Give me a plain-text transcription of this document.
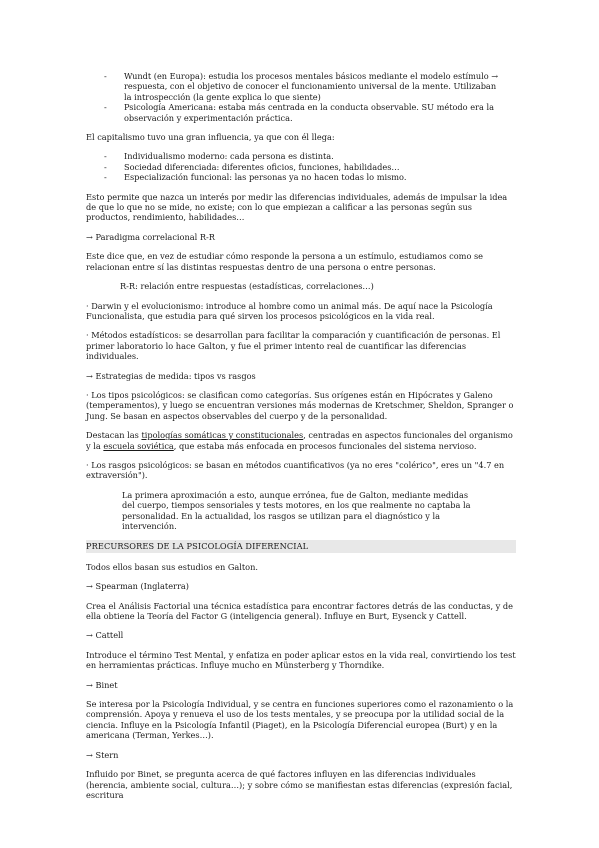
- Wundt (en Europa): estudia los procesos mentales básicos mediante el modelo estímulo → respuesta, con el objetivo de conocer el funcionamiento universal de la mente. Utilizaban la introspección (la gente explica lo que siente)
- Psicología Americana: estaba más centrada en la conducta observable. SU método era la observación y experimentación práctica.

El capitalismo tuvo una gran influencia, ya que con él llega:

- Individualismo moderno: cada persona es distinta.
- Sociedad diferenciada: diferentes oficios, funciones, habilidades…
- Especialización funcional: las personas ya no hacen todas lo mismo.

Esto permite que nazca un interés por medir las diferencias individuales, además de impulsar la idea de que lo que no se mide, no existe; con lo que empiezan a calificar a las personas según sus productos, rendimiento, habilidades…

→ Paradigma correlacional R-R

Este dice que, en vez de estudiar cómo responde la persona a un estímulo, estudiamos como se relacionan entre sí las distintas respuestas dentro de una persona o entre personas.

R-R: relación entre respuestas (estadísticas, correlaciones…)

· Darwin y el evolucionismo: introduce al hombre como un animal más. De aquí nace la Psicología Funcionalista, que estudia para qué sirven los procesos psicológicos en la vida real.

· Métodos estadísticos: se desarrollan para facilitar la comparación y cuantificación de personas. El primer laboratorio lo hace Galton, y fue el primer intento real de cuantificar las diferencias individuales.

→ Estrategias de medida: tipos vs rasgos

· Los tipos psicológicos: se clasifican como categorías. Sus orígenes están en Hipócrates y Galeno (temperamentos), y luego se encuentran versiones más modernas de Kretschmer, Sheldon, Spranger o Jung. Se basan en aspectos observables del cuerpo y de la personalidad.

Destacan las tipologías somáticas y constitucionales, centradas en aspectos funcionales del organismo y la escuela soviética, que estaba más enfocada en procesos funcionales del sistema nervioso.

· Los rasgos psicológicos: se basan en métodos cuantificativos (ya no eres "colérico", eres un "4.7 en extraversión").

La primera aproximación a esto, aunque errónea, fue de Galton, mediante medidas del cuerpo, tiempos sensoriales y tests motores, en los que realmente no captaba la personalidad. En la actualidad, los rasgos se utilizan para el diagnóstico y la intervención.

PRECURSORES DE LA PSICOLOGÍA DIFERENCIAL

Todos ellos basan sus estudios en Galton.

→ Spearman (Inglaterra)

Crea el Análisis Factorial una técnica estadística para encontrar factores detrás de las conductas, y de ella obtiene la Teoría del Factor G (inteligencia general). Influye en Burt, Eysenck y Cattell.

→ Cattell

Introduce el término Test Mental, y enfatiza en poder aplicar estos en la vida real, convirtiendo los test en herramientas prácticas. Influye mucho en Münsterberg y Thorndike.

→ Binet

Se interesa por la Psicología Individual, y se centra en funciones superiores como el razonamiento o la comprensión. Apoya y renueva el uso de los tests mentales, y se preocupa por la utilidad social de la ciencia. Influye en la Psicología Infantil (Piaget), en la Psicología Diferencial europea (Burt) y en la americana (Terman, Yerkes…).

→ Stern

Influido por Binet, se pregunta acerca de qué factores influyen en las diferencias individuales (herencia, ambiente social, cultura…); y sobre cómo se manifiestan estas diferencias (expresión facial, escritura
